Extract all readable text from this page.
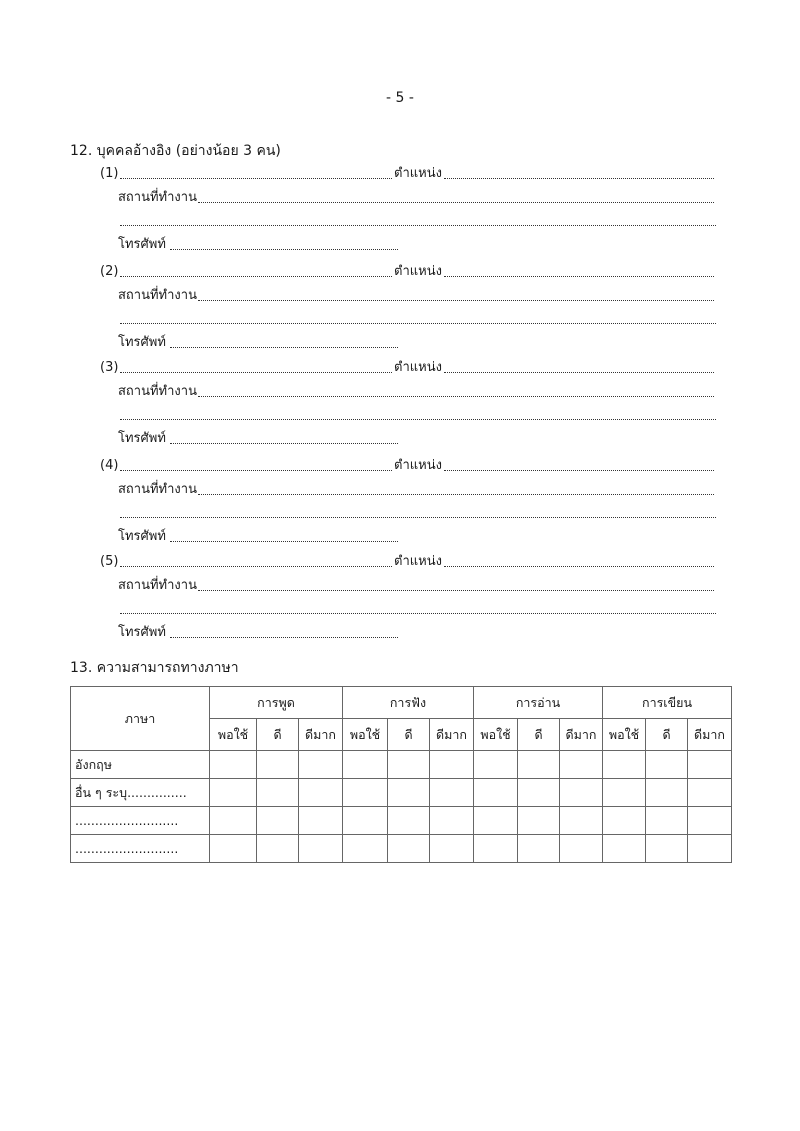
- 5 -
12. บุคคลอ้างอิง (อย่างน้อย 3 คน)
(1)	ตำแหน่ง
สถานที่ทำงาน
โทรศัพท์
(2)	ตำแหน่ง
สถานที่ทำงาน
โทรศัพท์
(3)	ตำแหน่ง
สถานที่ทำงาน
โทรศัพท์
(4)	ตำแหน่ง
สถานที่ทำงาน
โทรศัพท์
(5)	ตำแหน่ง
สถานที่ทำงาน
โทรศัพท์
13. ความสามารถทางภาษา
ภาษา	การพูด			การฟัง			การอ่าน			การเขียน		
	พอใช้	ดี	ดีมาก	พอใช้	ดี	ดีมาก	พอใช้	ดี	ดีมาก	พอใช้	ดี	ดีมาก
อังกฤษ												
อื่น ๆ ระบุ...............												
..........................												
..........................												
